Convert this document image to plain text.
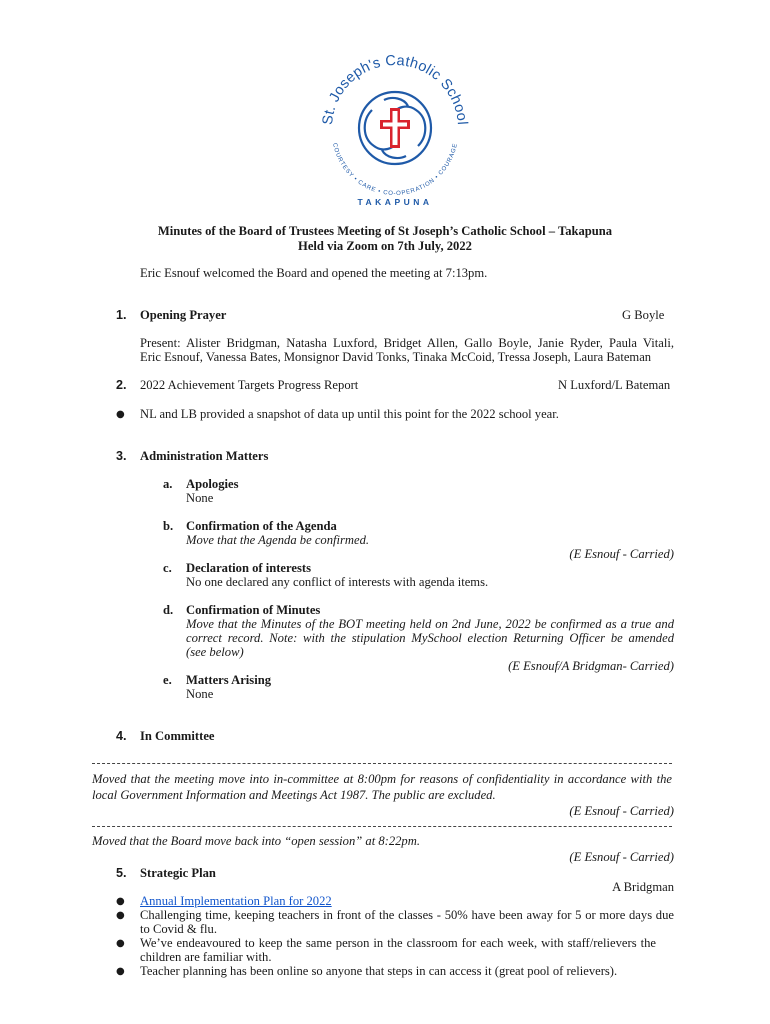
St. Joseph's Catholic School
COURTESY • CARE • CO-OPERATION • COURAGE
TAKAPUNA
Minutes of the Board of Trustees Meeting of St Joseph’s Catholic School – Takapuna
Held via Zoom on 7th July, 2022
Eric Esnouf welcomed the Board and opened the meeting at 7:13pm.
1. Opening Prayer	G Boyle
Present: Alister Bridgman, Natasha Luxford, Bridget Allen, Gallo Boyle, Janie Ryder, Paula Vitali,
Eric Esnouf, Vanessa Bates, Monsignor David Tonks, Tinaka McCoid, Tressa Joseph, Laura Bateman
2. 2022 Achievement Targets Progress Report	N Luxford/L Bateman
● NL and LB provided a snapshot of data up until this point for the 2022 school year.
3. Administration Matters
a. Apologies
None
b. Confirmation of the Agenda
Move that the Agenda be confirmed.
(E Esnouf - Carried)
c. Declaration of interests
No one declared any conflict of interests with agenda items.
d. Confirmation of Minutes
Move that the Minutes of the BOT meeting held on 2nd June, 2022 be confirmed as a true and
correct record. Note: with the stipulation MySchool election Returning Officer be amended
(see below)
(E Esnouf/A Bridgman- Carried)
e. Matters Arising
None
4. In Committee
Moved that the meeting move into in-committee at 8:00pm for reasons of confidentiality in accordance with the
local Government Information and Meetings Act 1987. The public are excluded.
(E Esnouf - Carried)
Moved that the Board move back into “open session” at 8:22pm.
(E Esnouf - Carried)
5. Strategic Plan
A Bridgman
● Annual Implementation Plan for 2022
● Challenging time, keeping teachers in front of the classes - 50% have been away for 5 or more days due
to Covid & flu.
● We’ve endeavoured to keep the same person in the classroom for each week, with staff/relievers the
children are familiar with.
● Teacher planning has been online so anyone that steps in can access it (great pool of relievers).
